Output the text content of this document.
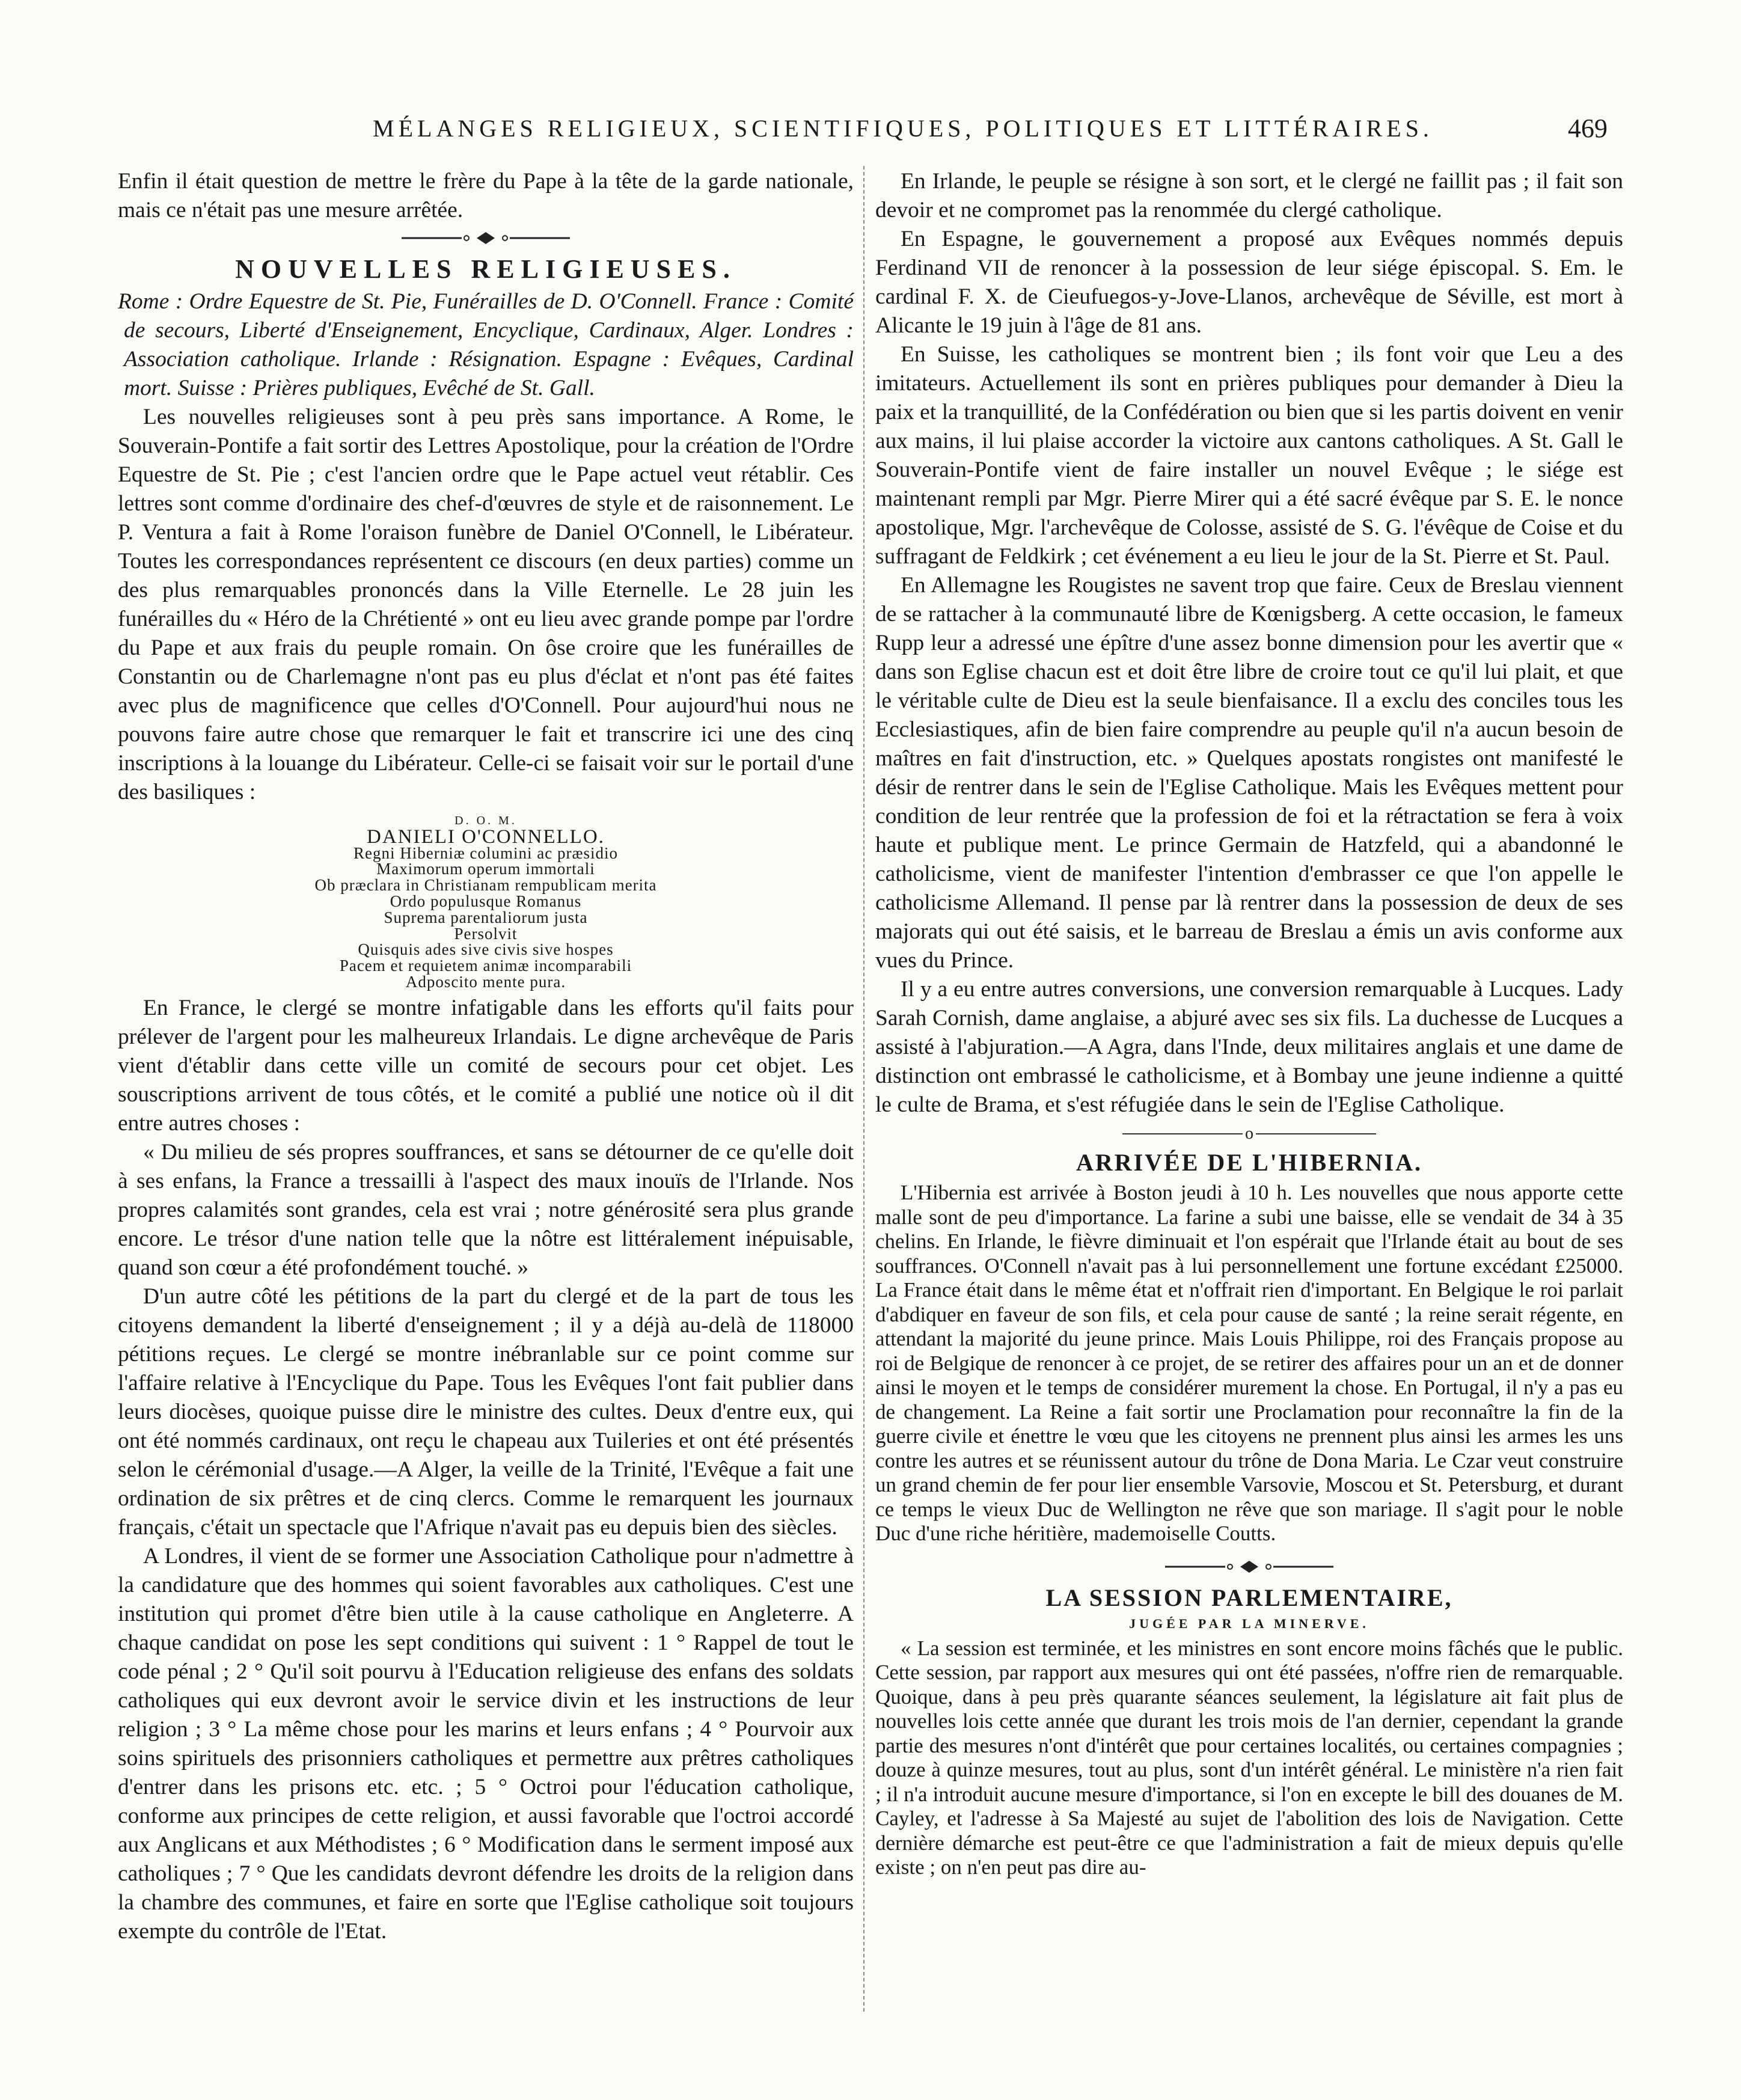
MÉLANGES RELIGIEUX, SCIENTIFIQUES, POLITIQUES ET LITTÉRAIRES.	469

Enfin il était question de mettre le frère du Pape à la tête de la garde nationale, mais ce n'était pas une mesure arrêtée.

NOUVELLES RELIGIEUSES.

Rome : Ordre Equestre de St. Pie, Funérailles de D. O'Connell. France : Comité de secours, Liberté d'Enseignement, Encyclique, Cardinaux, Alger. Londres : Association catholique. Irlande : Résignation. Espagne : Evêques, Cardinal mort. Suisse : Prières publiques, Evêché de St. Gall.

Les nouvelles religieuses sont à peu près sans importance. A Rome, le Souverain-Pontife a fait sortir des Lettres Apostolique, pour la création de l'Ordre Equestre de St. Pie ; c'est l'ancien ordre que le Pape actuel veut rétablir. Ces lettres sont comme d'ordinaire des chef-d'œuvres de style et de raisonnement. Le P. Ventura a fait à Rome l'oraison funèbre de Daniel O'Connell, le Libérateur. Toutes les correspondances représentent ce discours (en deux parties) comme un des plus remarquables prononcés dans la Ville Eternelle. Le 28 juin les funérailles du « Héro de la Chrétienté » ont eu lieu avec grande pompe par l'ordre du Pape et aux frais du peuple romain. On ôse croire que les funérailles de Constantin ou de Charlemagne n'ont pas eu plus d'éclat et n'ont pas été faites avec plus de magnificence que celles d'O'Connell. Pour aujourd'hui nous ne pouvons faire autre chose que remarquer le fait et transcrire ici une des cinq inscriptions à la louange du Libérateur. Celle-ci se faisait voir sur le portail d'une des basiliques :

D. O. M.
DANIELI O'CONNELLO.
Regni Hiberniæ columini ac præsidio
Maximorum operum immortali
Ob præclara in Christianam rempublicam merita
Ordo populusque Romanus
Suprema parentaliorum justa
Persolvit
Quisquis ades sive civis sive hospes
Pacem et requietem animæ incomparabili
Adposcito mente pura.

En France, le clergé se montre infatigable dans les efforts qu'il faits pour prélever de l'argent pour les malheureux Irlandais. Le digne archevêque de Paris vient d'établir dans cette ville un comité de secours pour cet objet. Les souscriptions arrivent de tous côtés, et le comité a publié une notice où il dit entre autres choses :

« Du milieu de sés propres souffrances, et sans se détourner de ce qu'elle doit à ses enfans, la France a tressailli à l'aspect des maux inouïs de l'Irlande. Nos propres calamités sont grandes, cela est vrai ; notre générosité sera plus grande encore. Le trésor d'une nation telle que la nôtre est littéralement inépuisable, quand son cœur a été profondément touché. »

D'un autre côté les pétitions de la part du clergé et de la part de tous les citoyens demandent la liberté d'enseignement ; il y a déjà au-delà de 118000 pétitions reçues. Le clergé se montre inébranlable sur ce point comme sur l'affaire relative à l'Encyclique du Pape. Tous les Evêques l'ont fait publier dans leurs diocèses, quoique puisse dire le ministre des cultes. Deux d'entre eux, qui ont été nommés cardinaux, ont reçu le chapeau aux Tuileries et ont été présentés selon le cérémonial d'usage.—A Alger, la veille de la Trinité, l'Evêque a fait une ordination de six prêtres et de cinq clercs. Comme le remarquent les journaux français, c'était un spectacle que l'Afrique n'avait pas eu depuis bien des siècles.

A Londres, il vient de se former une Association Catholique pour n'admettre à la candidature que des hommes qui soient favorables aux catholiques. C'est une institution qui promet d'être bien utile à la cause catholique en Angleterre. A chaque candidat on pose les sept conditions qui suivent : 1 ° Rappel de tout le code pénal ; 2 ° Qu'il soit pourvu à l'Education religieuse des enfans des soldats catholiques qui eux devront avoir le service divin et les instructions de leur religion ; 3 ° La même chose pour les marins et leurs enfans ; 4 ° Pourvoir aux soins spirituels des prisonniers catholiques et permettre aux prêtres catholiques d'entrer dans les prisons etc. etc. ; 5 ° Octroi pour l'éducation catholique, conforme aux principes de cette religion, et aussi favorable que l'octroi accordé aux Anglicans et aux Méthodistes ; 6 ° Modification dans le serment imposé aux catholiques ; 7 ° Que les candidats devront défendre les droits de la religion dans la chambre des communes, et faire en sorte que l'Eglise catholique soit toujours exempte du contrôle de l'Etat.

En Irlande, le peuple se résigne à son sort, et le clergé ne faillit pas ; il fait son devoir et ne compromet pas la renommée du clergé catholique.

En Espagne, le gouvernement a proposé aux Evêques nommés depuis Ferdinand VII de renoncer à la possession de leur siége épiscopal. S. Em. le cardinal F. X. de Cieufuegos-y-Jove-Llanos, archevêque de Séville, est mort à Alicante le 19 juin à l'âge de 81 ans.

En Suisse, les catholiques se montrent bien ; ils font voir que Leu a des imitateurs. Actuellement ils sont en prières publiques pour demander à Dieu la paix et la tranquillité, de la Confédération ou bien que si les partis doivent en venir aux mains, il lui plaise accorder la victoire aux cantons catholiques. A St. Gall le Souverain-Pontife vient de faire installer un nouvel Evêque ; le siége est maintenant rempli par Mgr. Pierre Mirer qui a été sacré évêque par S. E. le nonce apostolique, Mgr. l'archevêque de Colosse, assisté de S. G. l'évêque de Coise et du suffragant de Feldkirk ; cet événement a eu lieu le jour de la St. Pierre et St. Paul.

En Allemagne les Rougistes ne savent trop que faire. Ceux de Breslau viennent de se rattacher à la communauté libre de Kœnigsberg. A cette occasion, le fameux Rupp leur a adressé une épître d'une assez bonne dimension pour les avertir que « dans son Eglise chacun est et doit être libre de croire tout ce qu'il lui plait, et que le véritable culte de Dieu est la seule bienfaisance. Il a exclu des conciles tous les Ecclesiastiques, afin de bien faire comprendre au peuple qu'il n'a aucun besoin de maîtres en fait d'instruction, etc. » Quelques apostats rongistes ont manifesté le désir de rentrer dans le sein de l'Eglise Catholique. Mais les Evêques mettent pour condition de leur rentrée que la profession de foi et la rétractation se fera à voix haute et publique ment. Le prince Germain de Hatzfeld, qui a abandonné le catholicisme, vient de manifester l'intention d'embrasser ce que l'on appelle le catholicisme Allemand. Il pense par là rentrer dans la possession de deux de ses majorats qui out été saisis, et le barreau de Breslau a émis un avis conforme aux vues du Prince.

Il y a eu entre autres conversions, une conversion remarquable à Lucques. Lady Sarah Cornish, dame anglaise, a abjuré avec ses six fils. La duchesse de Lucques a assisté à l'abjuration.—A Agra, dans l'Inde, deux militaires anglais et une dame de distinction ont embrassé le catholicisme, et à Bombay une jeune indienne a quitté le culte de Brama, et s'est réfugiée dans le sein de l'Eglise Catholique.

o
ARRIVÉE DE L'HIBERNIA.

L'Hibernia est arrivée à Boston jeudi à 10 h. Les nouvelles que nous apporte cette malle sont de peu d'importance. La farine a subi une baisse, elle se vendait de 34 à 35 chelins. En Irlande, le fièvre diminuait et l'on espérait que l'Irlande était au bout de ses souffrances. O'Connell n'avait pas à lui personnellement une fortune excédant £25000. La France était dans le même état et n'offrait rien d'important. En Belgique le roi parlait d'abdiquer en faveur de son fils, et cela pour cause de santé ; la reine serait régente, en attendant la majorité du jeune prince. Mais Louis Philippe, roi des Français propose au roi de Belgique de renoncer à ce projet, de se retirer des affaires pour un an et de donner ainsi le moyen et le temps de considérer murement la chose. En Portugal, il n'y a pas eu de changement. La Reine a fait sortir une Proclamation pour reconnaître la fin de la guerre civile et énettre le vœu que les citoyens ne prennent plus ainsi les armes les uns contre les autres et se réunissent autour du trône de Dona Maria. Le Czar veut construire un grand chemin de fer pour lier ensemble Varsovie, Moscou et St. Petersburg, et durant ce temps le vieux Duc de Wellington ne rêve que son mariage. Il s'agit pour le noble Duc d'une riche héritière, mademoiselle Coutts.

LA SESSION PARLEMENTAIRE,
JUGÉE PAR LA MINERVE.

« La session est terminée, et les ministres en sont encore moins fâchés que le public. Cette session, par rapport aux mesures qui ont été passées, n'offre rien de remarquable. Quoique, dans à peu près quarante séances seulement, la législature ait fait plus de nouvelles lois cette année que durant les trois mois de l'an dernier, cependant la grande partie des mesures n'ont d'intérêt que pour certaines localités, ou certaines compagnies ; douze à quinze mesures, tout au plus, sont d'un intérêt général. Le ministère n'a rien fait ; il n'a introduit aucune mesure d'importance, si l'on en excepte le bill des douanes de M. Cayley, et l'adresse à Sa Majesté au sujet de l'abolition des lois de Navigation. Cette dernière démarche est peut-être ce que l'administration a fait de mieux depuis qu'elle existe ; on n'en peut pas dire au-
